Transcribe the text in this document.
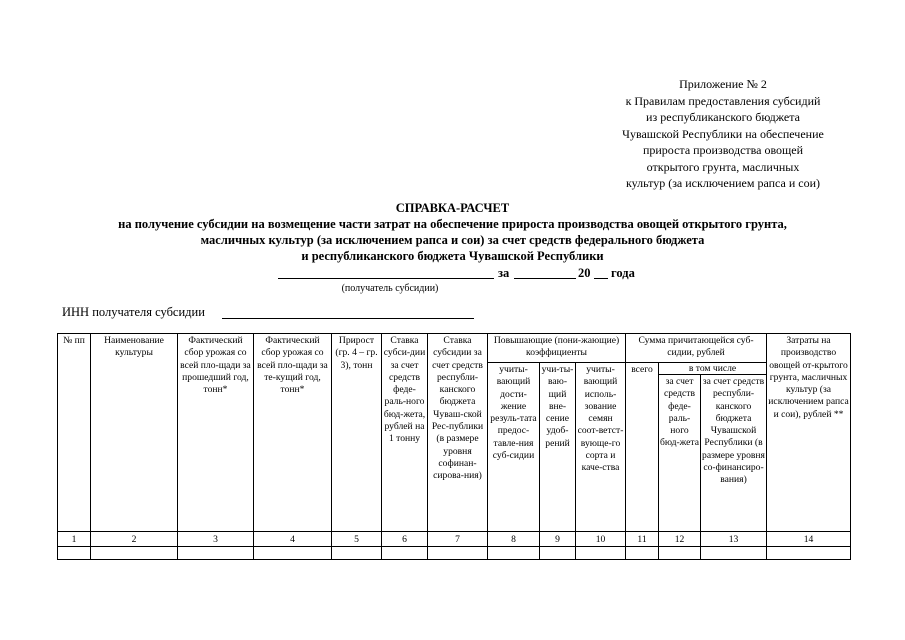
Приложение № 2
к Правилам предоставления субсидий
из республиканского бюджета
Чувашской Республики на обеспечение
прироста производства овощей
открытого грунта, масличных
культур (за исключением рапса и сои)
СПРАВКА-РАСЧЕТ
на получение субсидии на возмещение части затрат на обеспечение прироста производства овощей открытого грунта,
масличных культур (за исключением рапса и сои) за счет средств федерального бюджета
и республиканского бюджета Чувашской Республики
за	20 года
(получатель субсидии)
ИНН получателя субсидии
№ пп	Наименование культуры	Фактический сбор урожая со всей пло-щади за прошедший год, тонн*	Фактический сбор урожая со всей пло-щади за те-кущий год, тонн*	Прирост (гр. 4 – гр. 3), тонн	Ставка субси-дии за счет средств феде-раль-ного бюд-жета, рублей на 1 тонну	Ставка субсидии за счет средств республи-канского бюджета Чуваш-ской Рес-публики (в размере уровня софинан-сирова-ния)	Повышающие (пони-жающие) коэффициенты			Сумма причитающейся суб-сидии, рублей			Затраты на производство овощей от-крытого грунта, масличных культур (за исключением рапса и сои), рублей **
							учиты-вающий дости-жение резуль-тата предос-тавле-ния суб-сидии	учи-ты-ваю-щий вне-сение удоб-рений	учиты-вающий исполь-зование семян соот-ветст-вующе-го сорта и каче-ства	всего	в том числе		
											за счет средств феде-раль-ного бюд-жета	за счет средств республи-канского бюджета Чувашской Республики (в размере уровня со-финансиро-вания)	
1	2	3	4	5	6	7	8	9	10	11	12	13	14
